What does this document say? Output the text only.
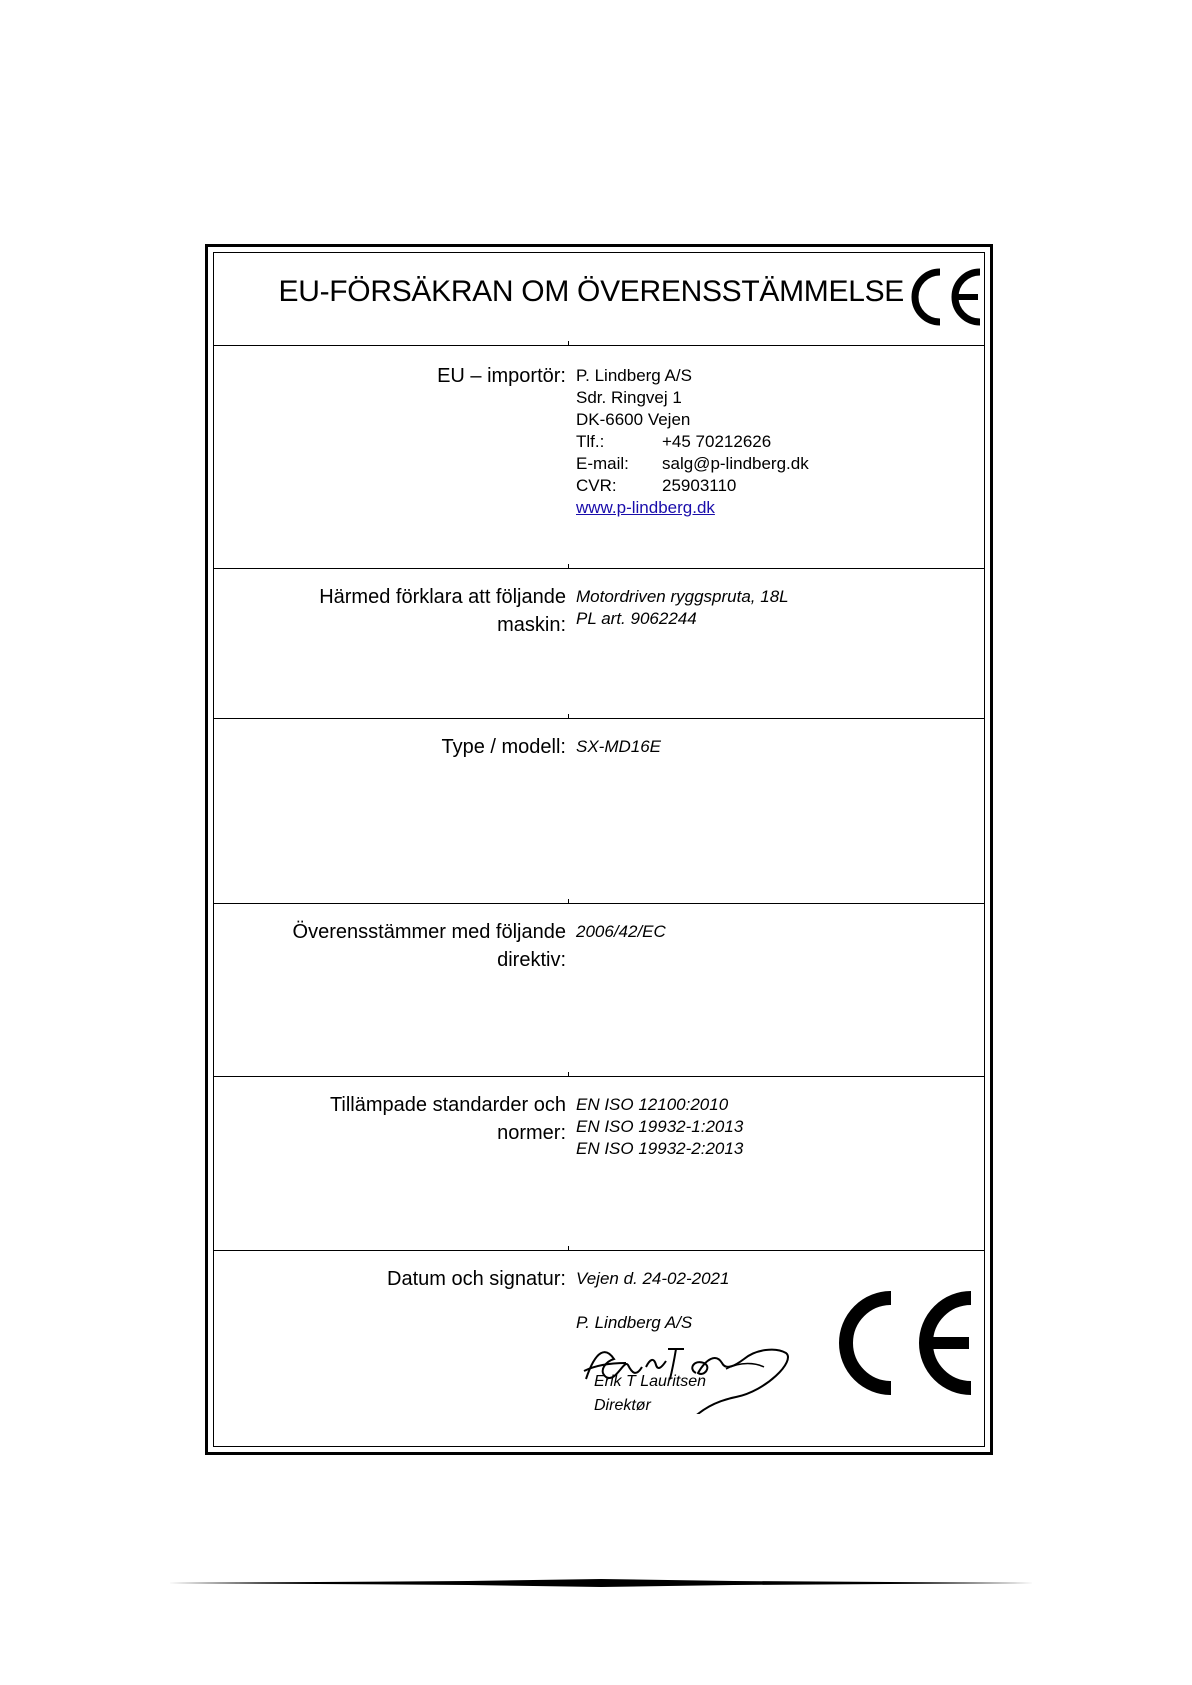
EU-FÖRSÄKRAN OM ÖVERENSSTÄMMELSE
EU – importör: P. Lindberg A/S
Sdr. Ringvej 1
DK-6600 Vejen
Tlf.:	+45 70212626
E-mail:	salg@p-lindberg.dk
CVR:	25903110
www.p-lindberg.dk
Härmed förklara att följande
maskin:
Motordriven ryggspruta, 18L
PL art. 9062244
Type / modell: SX-MD16E
Överensstämmer med följande
direktiv:
2006/42/EC
Tillämpade standarder och
normer:
EN ISO 12100:2010
EN ISO 19932-1:2013
EN ISO 19932-2:2013
Datum och signatur: Vejen d. 24-02-2021
P. Lindberg A/S
Erik T Lauritsen
Direktør
